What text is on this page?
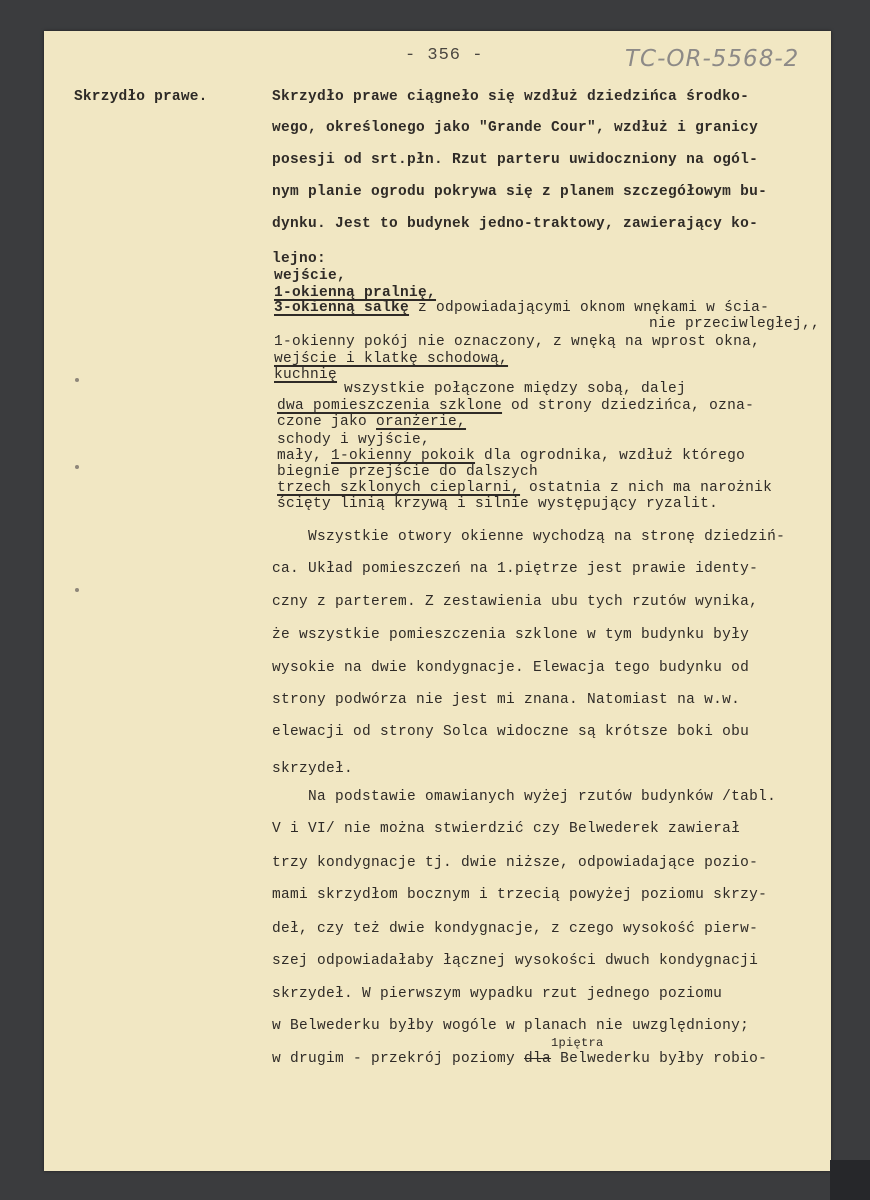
- 356 -	TC-OR-5568-2
Skrzydło prawe.	Skrzydło prawe ciągneło się wzdłuż dziedzińca środko-
wego, określonego jako "Grande Cour", wzdłuż i granicy
posesji od srt.płn. Rzut parteru uwidoczniony na ogól-
nym planie ogrodu pokrywa się z planem szczegółowym bu-
dynku. Jest to budynek jedno-traktowy, zawierający ko-
lejno:
wejście,
1-okienną pralnię,
3-okienną salkę z odpowiadającymi oknom wnękami w ścia-
nie przeciwległej,,
1-okienny pokój nie oznaczony, z wnęką na wprost okna,
wejście i klatkę schodową,
kuchnię
wszystkie połączone między sobą, dalej
dwa pomieszczenia szklone od strony dziedzińca, ozna-
czone jako oranżerie,
schody i wyjście,
mały, 1-okienny pokoik dla ogrodnika, wzdłuż którego
biegnie przejście do dalszych
trzech szklonych cieplarni, ostatnia z nich ma narożnik
ścięty linią krzywą i silnie występujący ryzalit.
Wszystkie otwory okienne wychodzą na stronę dziedziń-
ca. Układ pomieszczeń na 1.piętrze jest prawie identy-
czny z parterem. Z zestawienia ubu tych rzutów wynika,
że wszystkie pomieszczenia szklone w tym budynku były
wysokie na dwie kondygnacje. Elewacja tego budynku od
strony podwórza nie jest mi znana. Natomiast na w.w.
elewacji od strony Solca widoczne są krótsze boki obu
skrzydeł.
Na podstawie omawianych wyżej rzutów budynków /tabl.
V i VI/ nie można stwierdzić czy Belwederek zawierał
trzy kondygnacje tj. dwie niższe, odpowiadające pozio-
mami skrzydłom bocznym i trzecią powyżej poziomu skrzy-
deł, czy też dwie kondygnacje, z czego wysokość pierw-
szej odpowiadałaby łącznej wysokości dwuch kondygnacji
skrzydeł. W pierwszym wypadku rzut jednego poziomu
w Belwederku byłby wogóle w planach nie uwzględniony;
1piętra
w drugim - przekrój poziomy dla Belwederku byłby robio-
